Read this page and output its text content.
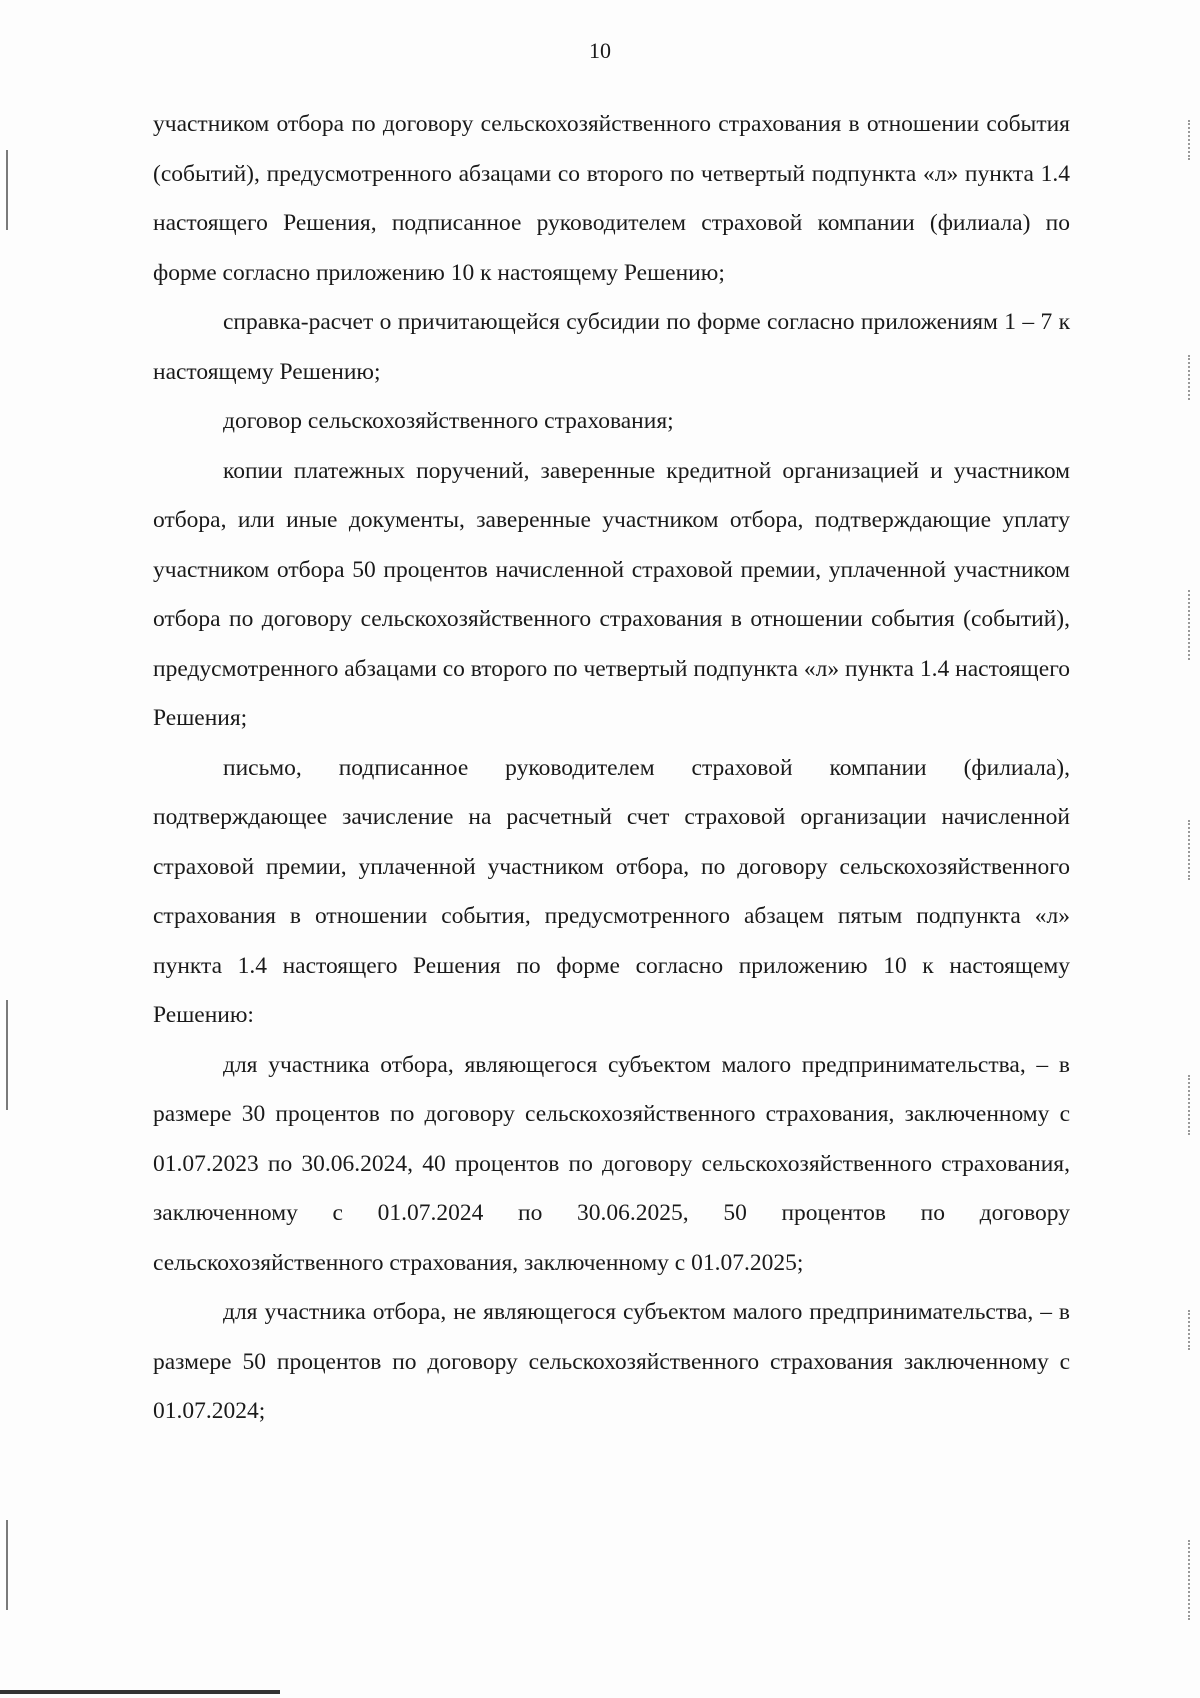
10

участником отбора по договору сельскохозяйственного страхования в отношении события (событий), предусмотренного абзацами со второго по четвертый подпункта «л» пункта 1.4 настоящего Решения, подписанное руководителем страховой компании (филиала) по форме согласно приложению 10 к настоящему Решению;

справка-расчет о причитающейся субсидии по форме согласно приложениям 1 – 7 к настоящему Решению;

договор сельскохозяйственного страхования;

копии платежных поручений, заверенные кредитной организацией и участником отбора, или иные документы, заверенные участником отбора, подтверждающие уплату участником отбора 50 процентов начисленной страховой премии, уплаченной участником отбора по договору сельскохозяйственного страхования в отношении события (событий), предусмотренного абзацами со второго по четвертый подпункта «л» пункта 1.4 настоящего Решения;

письмо, подписанное руководителем страховой компании (филиала), подтверждающее зачисление на расчетный счет страховой организации начисленной страховой премии, уплаченной участником отбора, по договору сельскохозяйственного страхования в отношении события, предусмотренного абзацем пятым подпункта «л» пункта 1.4 настоящего Решения по форме согласно приложению 10 к настоящему Решению:

для участника отбора, являющегося субъектом малого предпринимательства, – в размере 30 процентов по договору сельскохозяйственного страхования, заключенному с 01.07.2023 по 30.06.2024, 40 процентов по договору сельскохозяйственного страхования, заключенному с 01.07.2024 по 30.06.2025, 50 процентов по договору сельскохозяйственного страхования, заключенному с 01.07.2025;

для участника отбора, не являющегося субъектом малого предпринимательства, – в размере 50 процентов по договору сельскохозяйственного страхования заключенному с 01.07.2024;
